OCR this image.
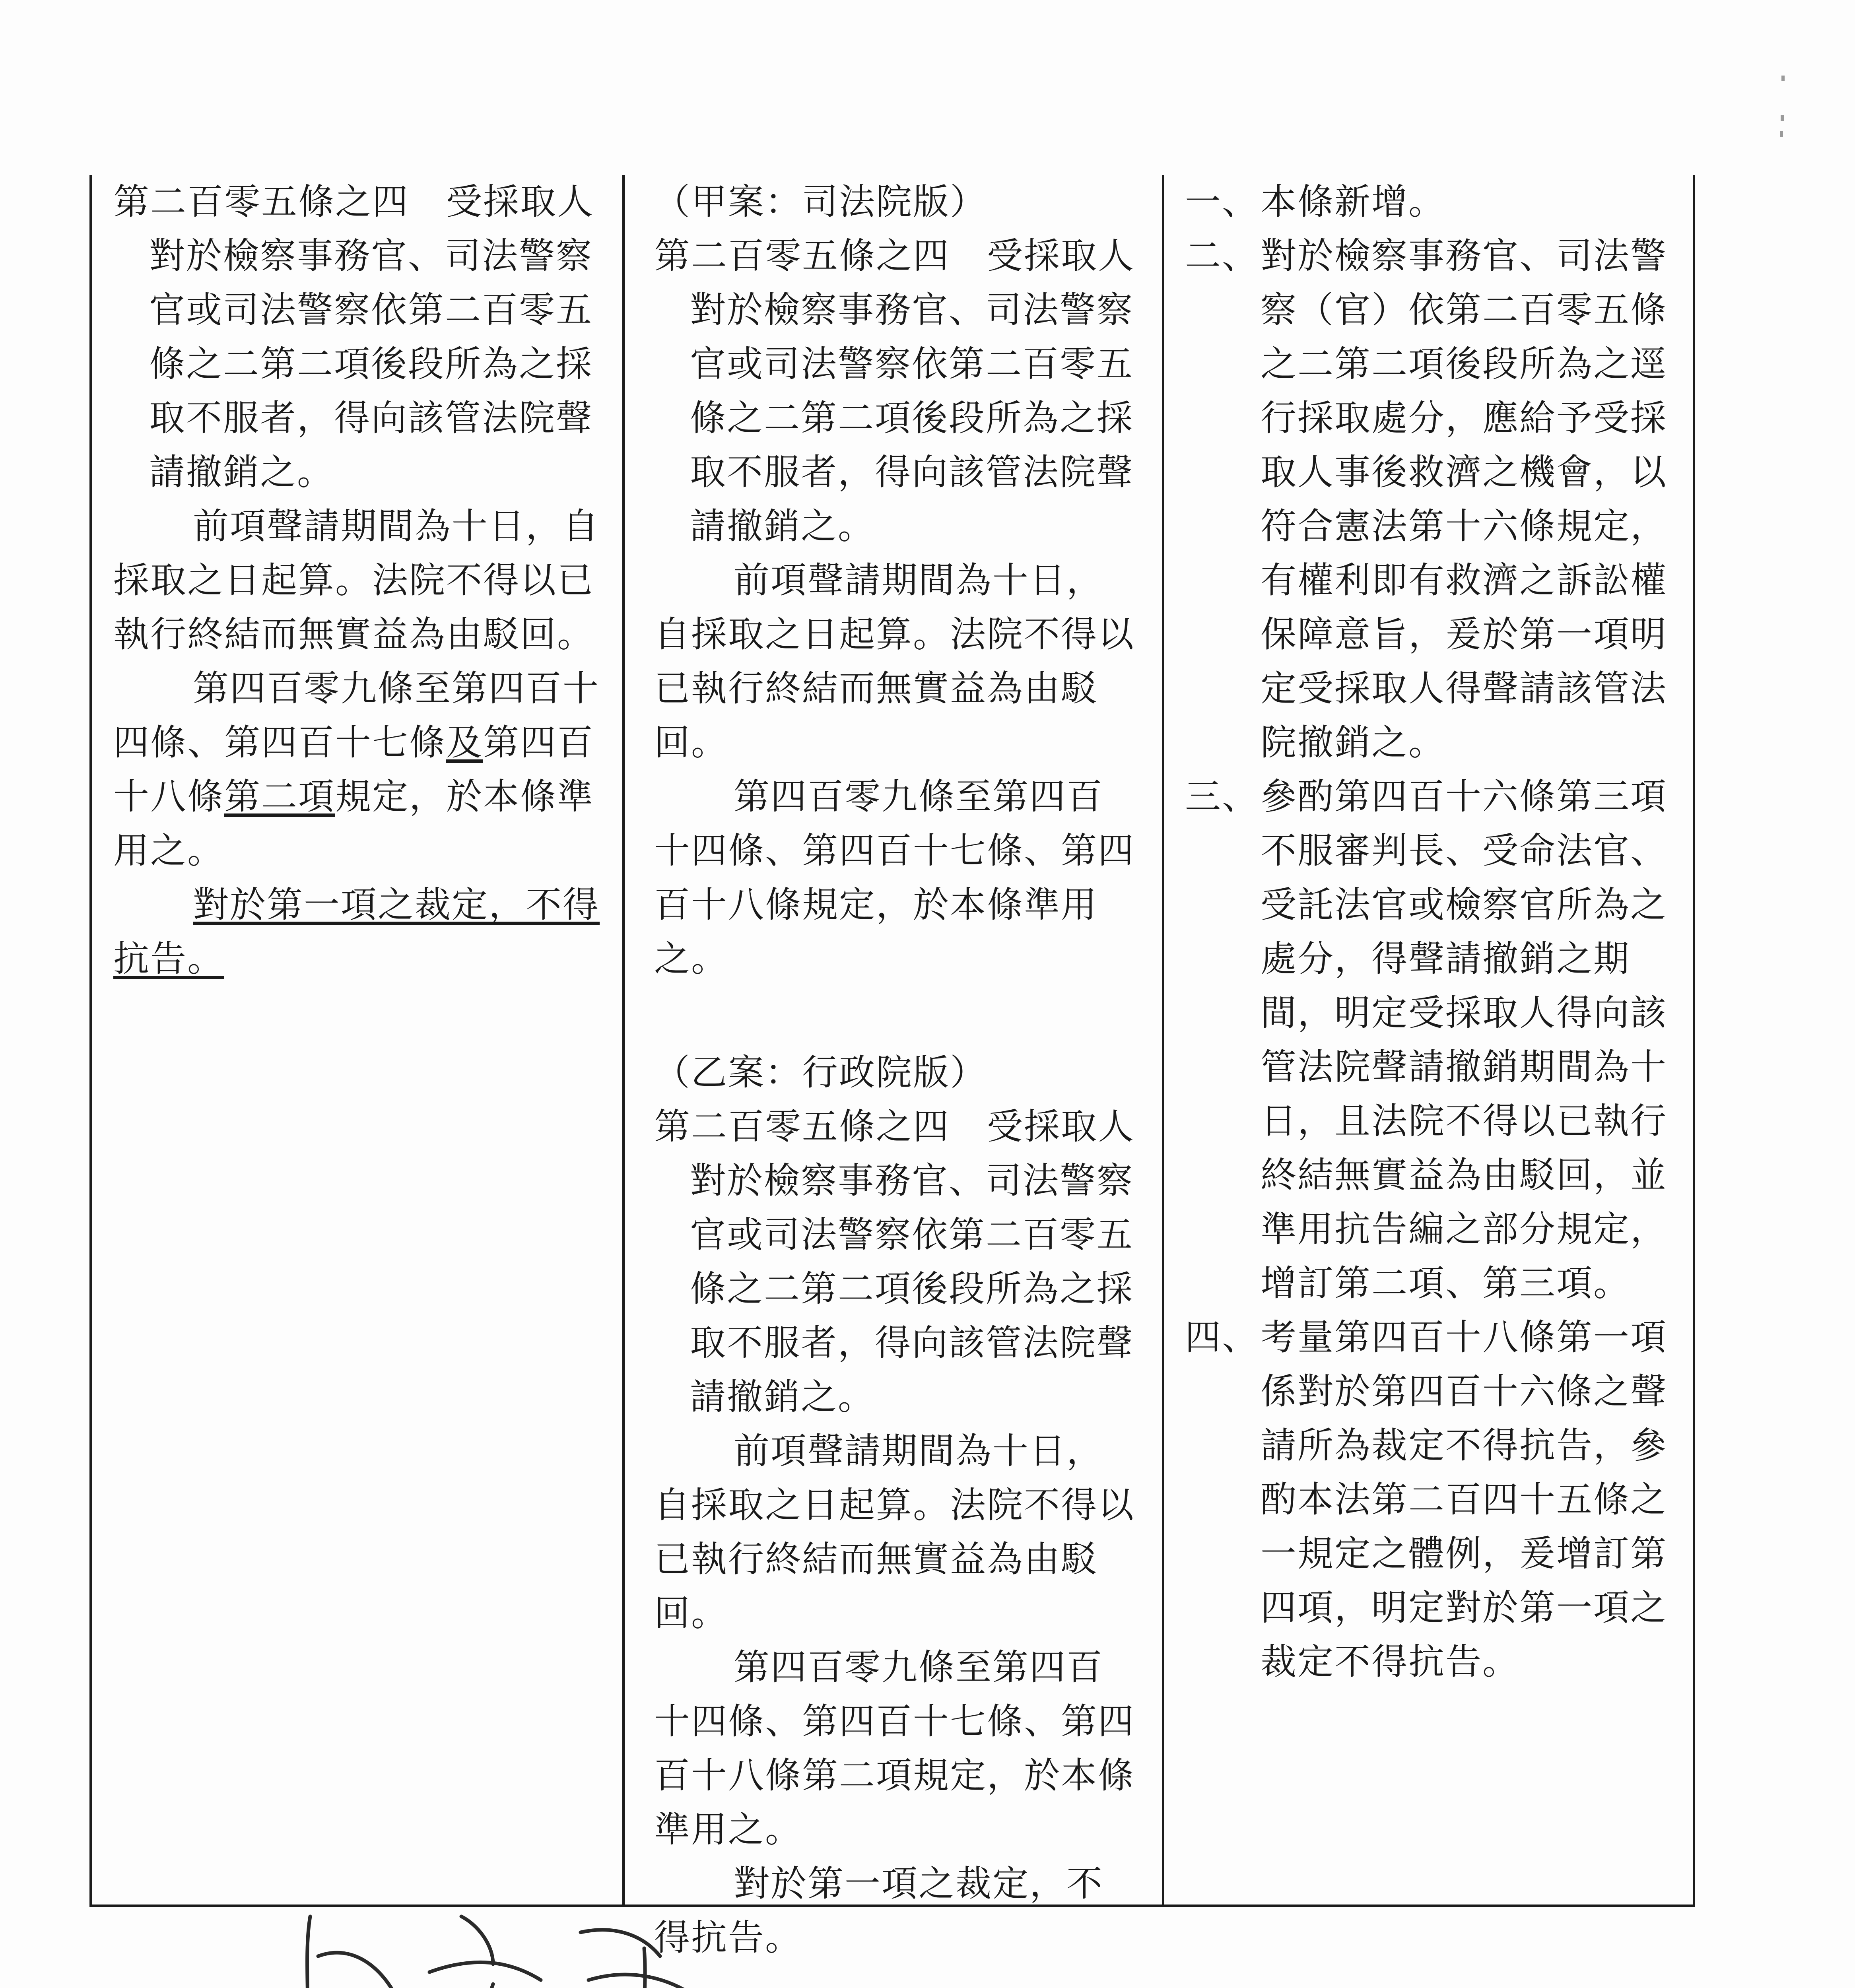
第二百零五條之四　受採取人對於檢察事務官、司法警察官或司法警察依第二百零五條之二第二項後段所為之採取不服者，得向該管法院聲請撤銷之。

前項聲請期間為十日，自採取之日起算。法院不得以已執行終結而無實益為由駁回。

第四百零九條至第四百十四條、第四百十七條及第四百十八條第二項規定，於本條準用之。

對於第一項之裁定，不得抗告。

（甲案：司法院版）

第二百零五條之四　受採取人對於檢察事務官、司法警察官或司法警察依第二百零五條之二第二項後段所為之採取不服者，得向該管法院聲請撤銷之。

前項聲請期間為十日，自採取之日起算。法院不得以已執行終結而無實益為由駁回。

第四百零九條至第四百十四條、第四百十七條、第四百十八條規定，於本條準用之。

（乙案：行政院版）

第二百零五條之四　受採取人對於檢察事務官、司法警察官或司法警察依第二百零五條之二第二項後段所為之採取不服者，得向該管法院聲請撤銷之。

前項聲請期間為十日，自採取之日起算。法院不得以已執行終結而無實益為由駁回。

第四百零九條至第四百十四條、第四百十七條、第四百十八條第二項規定，於本條準用之。

對於第一項之裁定，不得抗告。

一、 本條新增。
二、 對於檢察事務官、司法警察（官）依第二百零五條之二第二項後段所為之逕行採取處分，應給予受採取人事後救濟之機會，以符合憲法第十六條規定，有權利即有救濟之訴訟權保障意旨，爰於第一項明定受採取人得聲請該管法院撤銷之。
三、 參酌第四百十六條第三項不服審判長、受命法官、受託法官或檢察官所為之處分，得聲請撤銷之期間，明定受採取人得向該管法院聲請撤銷期間為十日，且法院不得以已執行終結無實益為由駁回，並準用抗告編之部分規定，增訂第二項、第三項。
四、 考量第四百十八條第一項係對於第四百十六條之聲請所為裁定不得抗告，參酌本法第二百四十五條之一規定之體例，爰增訂第四項，明定對於第一項之裁定不得抗告。
